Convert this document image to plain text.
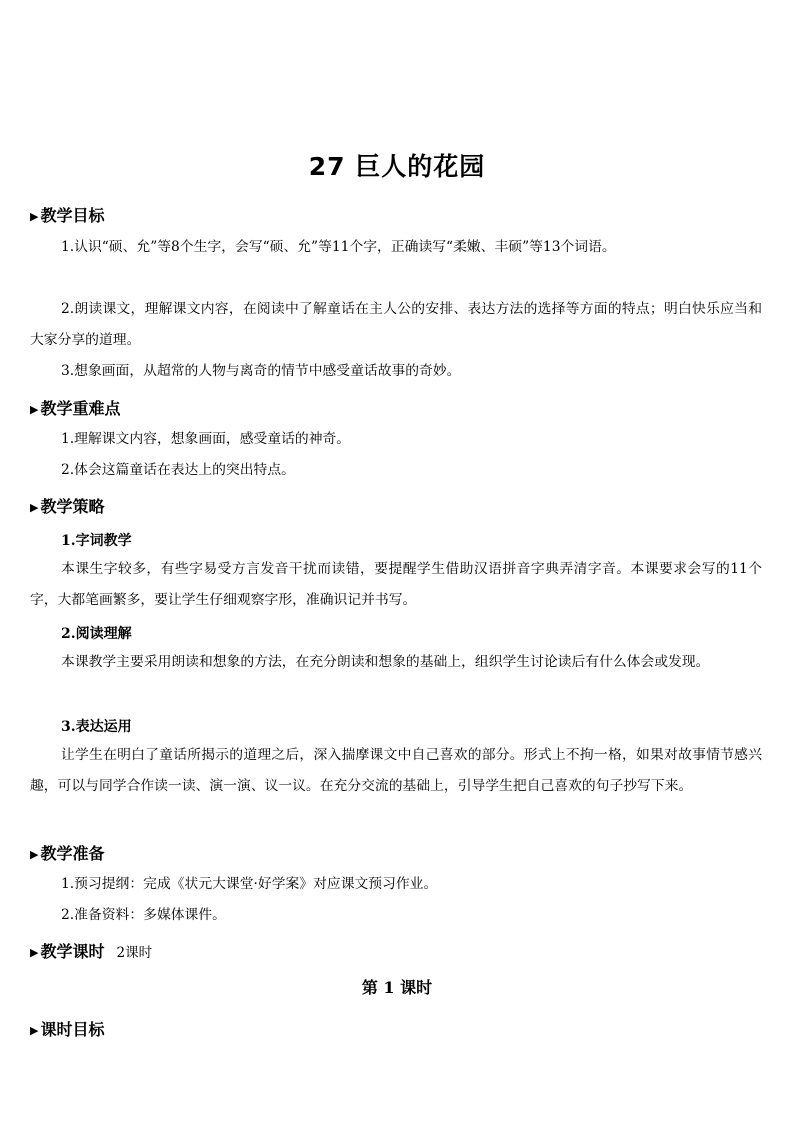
27 巨人的花园
▶ 教学目标
1.认识“硕、允”等8个生字，会写“硕、允”等11个字，正确读写“柔嫩、丰硕”等13个词语。
2.朗读课文，理解课文内容，在阅读中了解童话在主人公的安排、表达方法的选择等方面的特点；明白快乐应当和大家分享的道理。
3.想象画面，从超常的人物与离奇的情节中感受童话故事的奇妙。
▶ 教学重难点
1.理解课文内容，想象画面，感受童话的神奇。
2.体会这篇童话在表达上的突出特点。
▶ 教学策略
1.字词教学
本课生字较多，有些字易受方言发音干扰而读错，要提醒学生借助汉语拼音字典弄清字音。本课要求会写的11个字，大都笔画繁多，要让学生仔细观察字形，准确识记并书写。
2.阅读理解
本课教学主要采用朗读和想象的方法，在充分朗读和想象的基础上，组织学生讨论读后有什么体会或发现。
3.表达运用
让学生在明白了童话所揭示的道理之后，深入揣摩课文中自己喜欢的部分。形式上不拘一格，如果对故事情节感兴趣，可以与同学合作读一读、演一演、议一议。在充分交流的基础上，引导学生把自己喜欢的句子抄写下来。
▶ 教学准备
1.预习提纲：完成《状元大课堂·好学案》对应课文预习作业。
2.准备资料：多媒体课件。
▶ 教学课时 2课时
第 1 课时
▶ 课时目标
